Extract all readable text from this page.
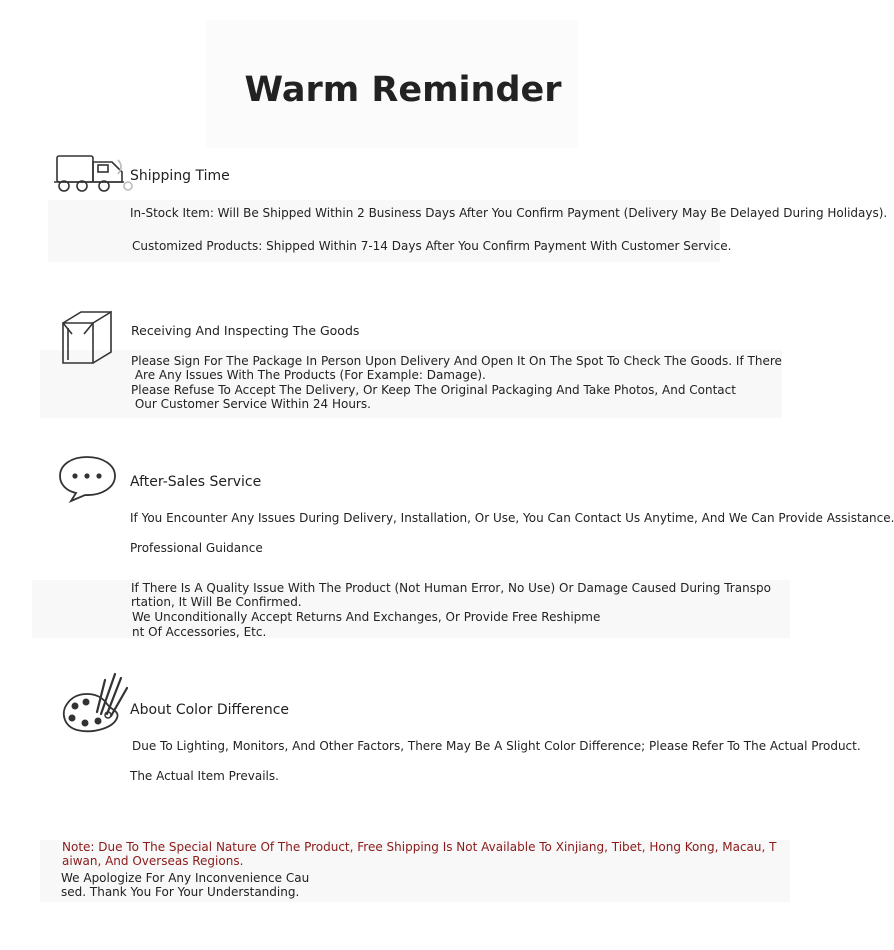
Warm Reminder
Shipping Time
In-Stock Item: Will Be Shipped Within 2 Business Days After You Confirm Payment (Delivery May Be Delayed During Holidays).
Customized Products: Shipped Within 7-14 Days After You Confirm Payment With Customer Service.
Receiving And Inspecting The Goods
Please Sign For The Package In Person Upon Delivery And Open It On The Spot To Check The Goods. If There
Are Any Issues With The Products (For Example: Damage).
Please Refuse To Accept The Delivery, Or Keep The Original Packaging And Take Photos, And Contact
Our Customer Service Within 24 Hours.
After-Sales Service
If You Encounter Any Issues During Delivery, Installation, Or Use, You Can Contact Us Anytime, And We Can Provide Assistance.
Professional Guidance
If There Is A Quality Issue With The Product (Not Human Error, No Use) Or Damage Caused During Transpo
rtation, It Will Be Confirmed.
We Unconditionally Accept Returns And Exchanges, Or Provide Free Reshipme
nt Of Accessories, Etc.
About Color Difference
Due To Lighting, Monitors, And Other Factors, There May Be A Slight Color Difference; Please Refer To The Actual Product.
The Actual Item Prevails.
Note: Due To The Special Nature Of The Product, Free Shipping Is Not Available To Xinjiang, Tibet, Hong Kong, Macau, T
aiwan, And Overseas Regions.
We Apologize For Any Inconvenience Cau
sed. Thank You For Your Understanding.
